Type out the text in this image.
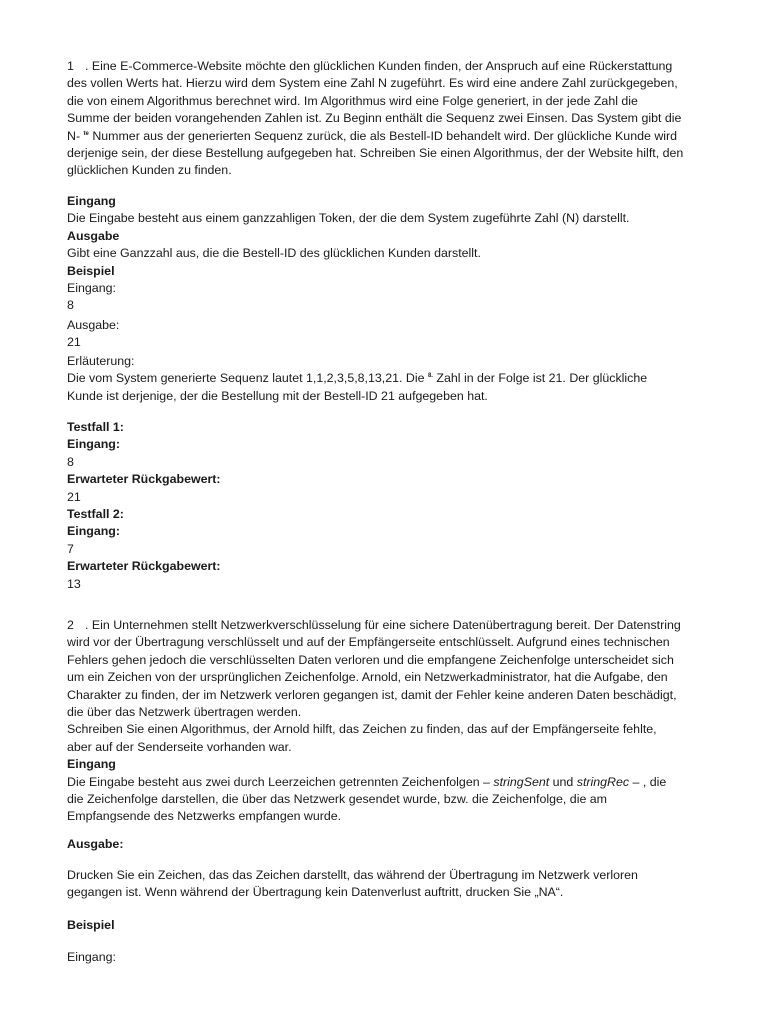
1 . Eine E-Commerce-Website möchte den glücklichen Kunden finden, der Anspruch auf eine Rückerstattung
des vollen Werts hat. Hierzu wird dem System eine Zahl N zugeführt. Es wird eine andere Zahl zurückgegeben,
die von einem Algorithmus berechnet wird. Im Algorithmus wird eine Folge generiert, in der jede Zahl die
Summe der beiden vorangehenden Zahlen ist. Zu Beginn enthält die Sequenz zwei Einsen. Das System gibt die
N- $^{te}$ Nummer aus der generierten Sequenz zurück, die als Bestell-ID behandelt wird. Der glückliche Kunde wird
derjenige sein, der diese Bestellung aufgegeben hat. Schreiben Sie einen Algorithmus, der der Website hilft, den
glücklichen Kunden zu finden.
Eingang
Die Eingabe besteht aus einem ganzzahligen Token, der die dem System zugeführte Zahl (N) darstellt.
Ausgabe
Gibt eine Ganzzahl aus, die die Bestell-ID des glücklichen Kunden darstellt.
Beispiel
Eingang:
8
Ausgabe:
21
Erläuterung:
Die vom System generierte Sequenz lautet 1,1,2,3,5,8,13,21. Die $^{8.}$ Zahl in der Folge ist 21. Der glückliche
Kunde ist derjenige, der die Bestellung mit der Bestell-ID 21 aufgegeben hat.
Testfall 1:
Eingang:
8
Erwarteter Rückgabewert:
21
Testfall 2:
Eingang:
7
Erwarteter Rückgabewert:
13
2 . Ein Unternehmen stellt Netzwerkverschlüsselung für eine sichere Datenübertragung bereit. Der Datenstring
wird vor der Übertragung verschlüsselt und auf der Empfängerseite entschlüsselt. Aufgrund eines technischen
Fehlers gehen jedoch die verschlüsselten Daten verloren und die empfangene Zeichenfolge unterscheidet sich
um ein Zeichen von der ursprünglichen Zeichenfolge. Arnold, ein Netzwerkadministrator, hat die Aufgabe, den
Charakter zu finden, der im Netzwerk verloren gegangen ist, damit der Fehler keine anderen Daten beschädigt,
die über das Netzwerk übertragen werden.
Schreiben Sie einen Algorithmus, der Arnold hilft, das Zeichen zu finden, das auf der Empfängerseite fehlte,
aber auf der Senderseite vorhanden war.
Eingang
Die Eingabe besteht aus zwei durch Leerzeichen getrennten Zeichenfolgen – stringSent und stringRec – , die
die Zeichenfolge darstellen, die über das Netzwerk gesendet wurde, bzw. die Zeichenfolge, die am
Empfangsende des Netzwerks empfangen wurde.
Ausgabe:
Drucken Sie ein Zeichen, das das Zeichen darstellt, das während der Übertragung im Netzwerk verloren
gegangen ist. Wenn während der Übertragung kein Datenverlust auftritt, drucken Sie „NA“.
Beispiel
Eingang:
